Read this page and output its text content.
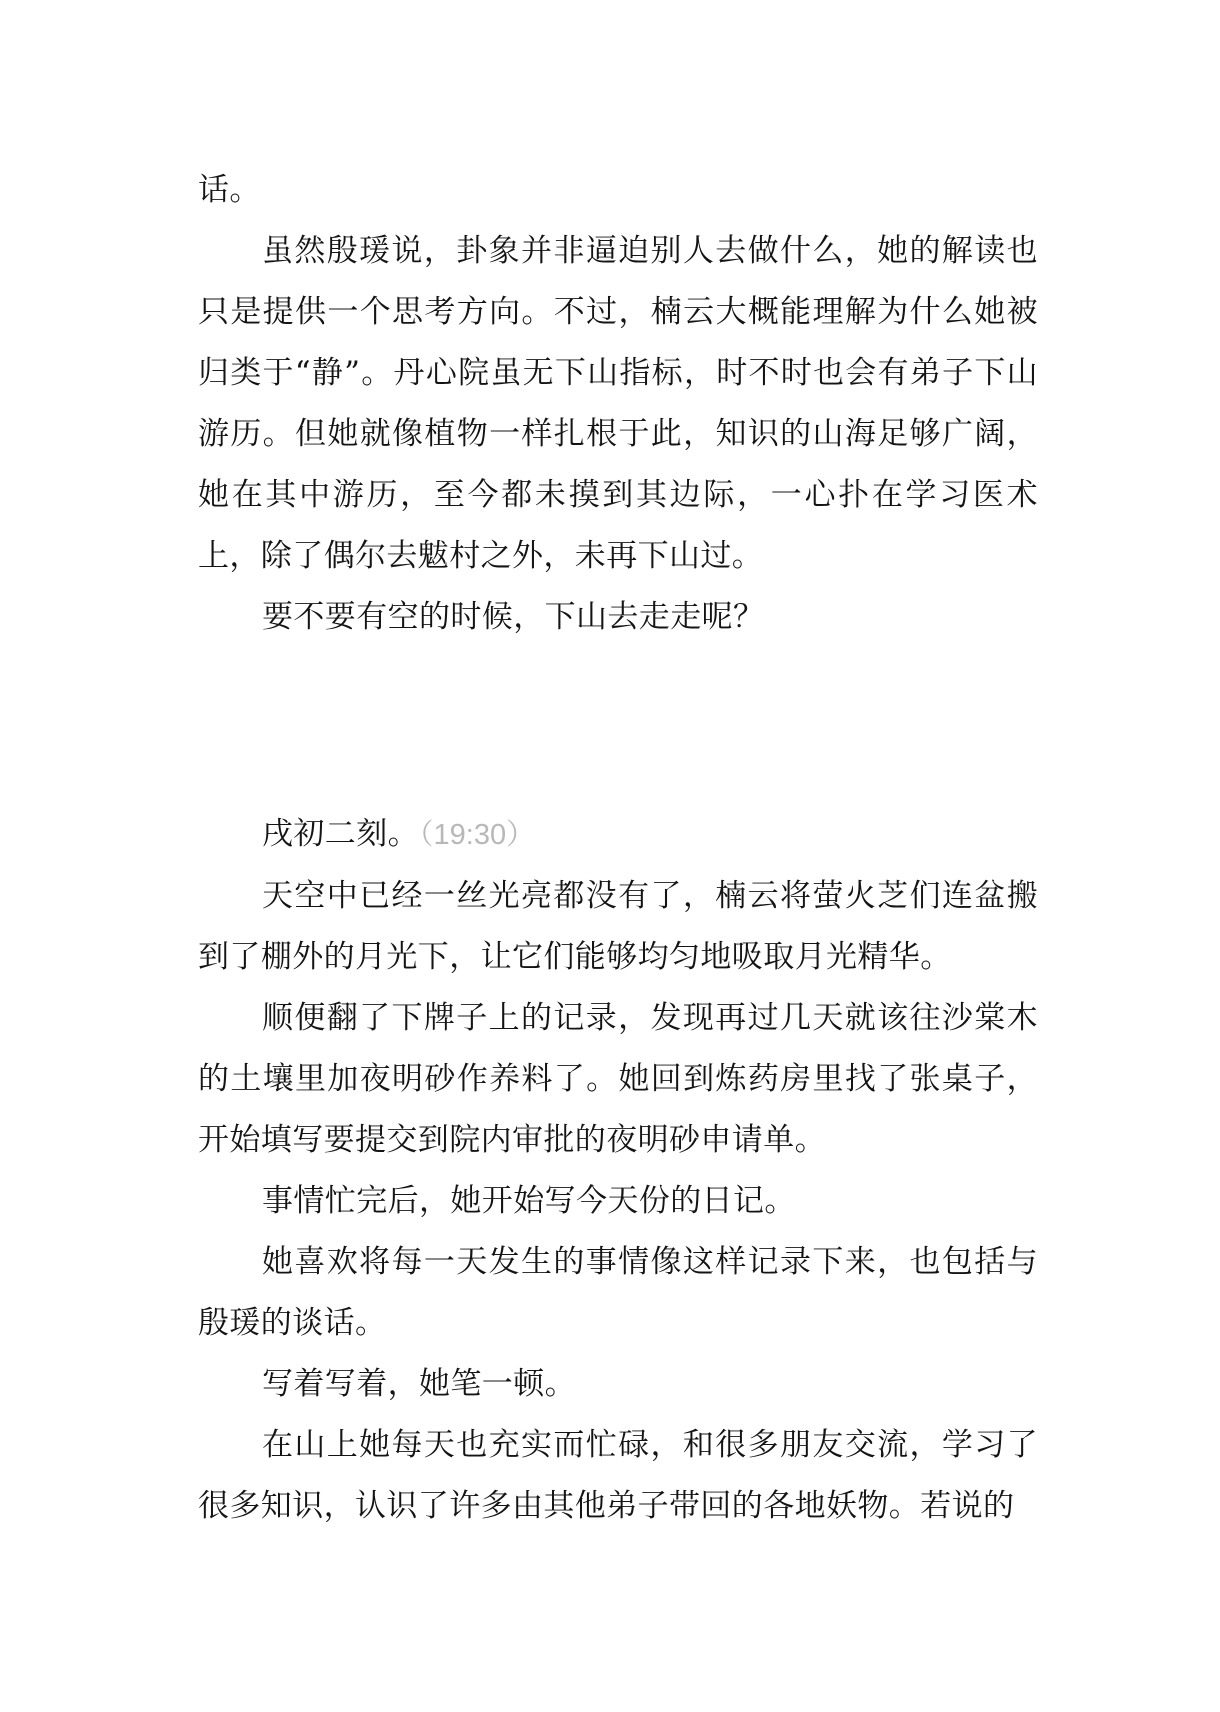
话。

虽然殷瑗说，卦象并非逼迫别人去做什么，她的解读也只是提供一个思考方向。不过，楠云大概能理解为什么她被归类于“静”。丹心院虽无下山指标，时不时也会有弟子下山游历。但她就像植物一样扎根于此，知识的山海足够广阔，她在其中游历，至今都未摸到其边际，一心扑在学习医术上，除了偶尔去魃村之外，未再下山过。

要不要有空的时候，下山去走走呢？

戌初二刻。（19:30）

天空中已经一丝光亮都没有了，楠云将萤火芝们连盆搬到了棚外的月光下，让它们能够均匀地吸取月光精华。

顺便翻了下牌子上的记录，发现再过几天就该往沙棠木的土壤里加夜明砂作养料了。她回到炼药房里找了张桌子，开始填写要提交到院内审批的夜明砂申请单。

事情忙完后，她开始写今天份的日记。

她喜欢将每一天发生的事情像这样记录下来，也包括与殷瑗的谈话。

写着写着，她笔一顿。

在山上她每天也充实而忙碌，和很多朋友交流，学习了很多知识，认识了许多由其他弟子带回的各地妖物。若说的
